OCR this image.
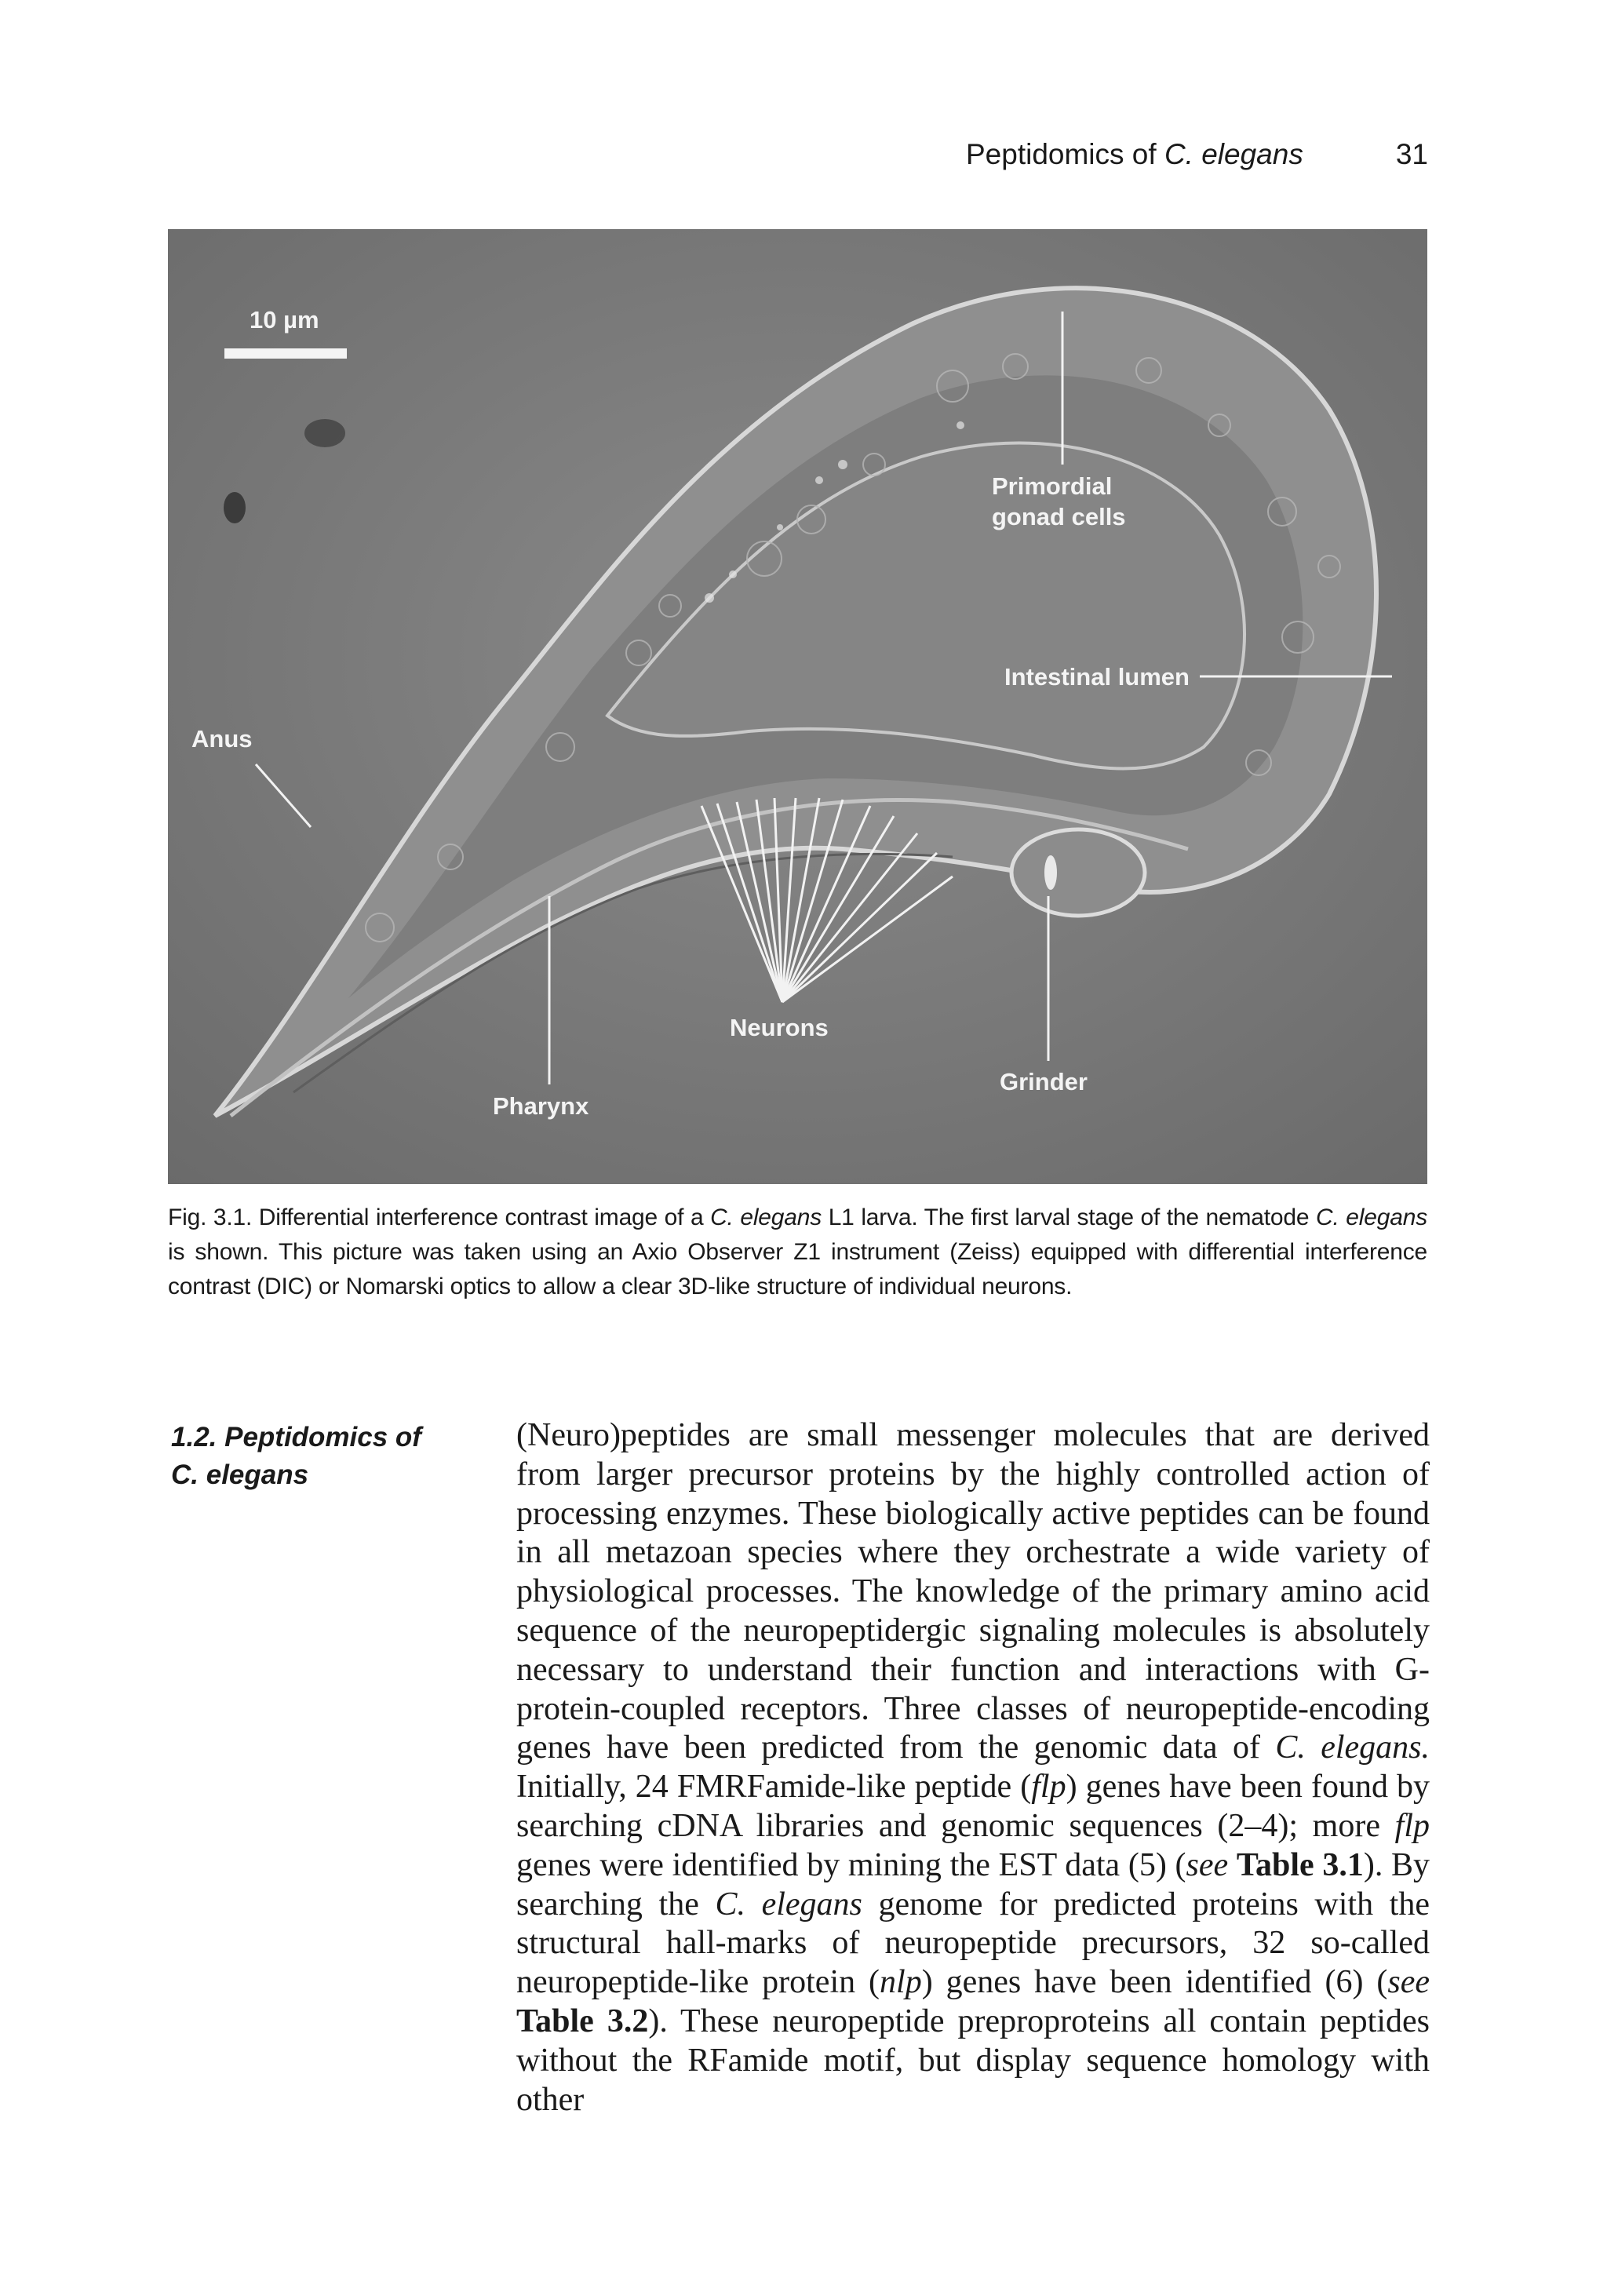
Peptidomics of C. elegans	31
10 µm
Primordial
gonad cells
Intestinal lumen
Anus
Neurons
Grinder
Pharynx
Fig. 3.1. Differential interference contrast image of a C. elegans L1 larva. The first larval stage of the nematode C. elegans is shown. This picture was taken using an Axio Observer Z1 instrument (Zeiss) equipped with differential interference contrast (DIC) or Nomarski optics to allow a clear 3D-like structure of individual neurons.
1.2. Peptidomics of
C. elegans
(Neuro)peptides are small messenger molecules that are derived from larger precursor proteins by the highly controlled action of processing enzymes. These biologically active peptides can be found in all metazoan species where they orchestrate a wide variety of physiological processes. The knowledge of the primary amino acid sequence of the neuropeptidergic signaling molecules is absolutely necessary to understand their function and interactions with G-protein-coupled receptors. Three classes of neuropeptide-encoding genes have been predicted from the genomic data of C. elegans. Initially, 24 FMRFamide-like peptide (flp) genes have been found by searching cDNA libraries and genomic sequences (2–4); more flp genes were identified by mining the EST data (5) (see Table 3.1). By searching the C. elegans genome for predicted proteins with the structural hall-marks of neuropeptide precursors, 32 so-called neuropeptide-like protein (nlp) genes have been identified (6) (see Table 3.2). These neuropeptide preproproteins all contain peptides without the RFamide motif, but display sequence homology with other
